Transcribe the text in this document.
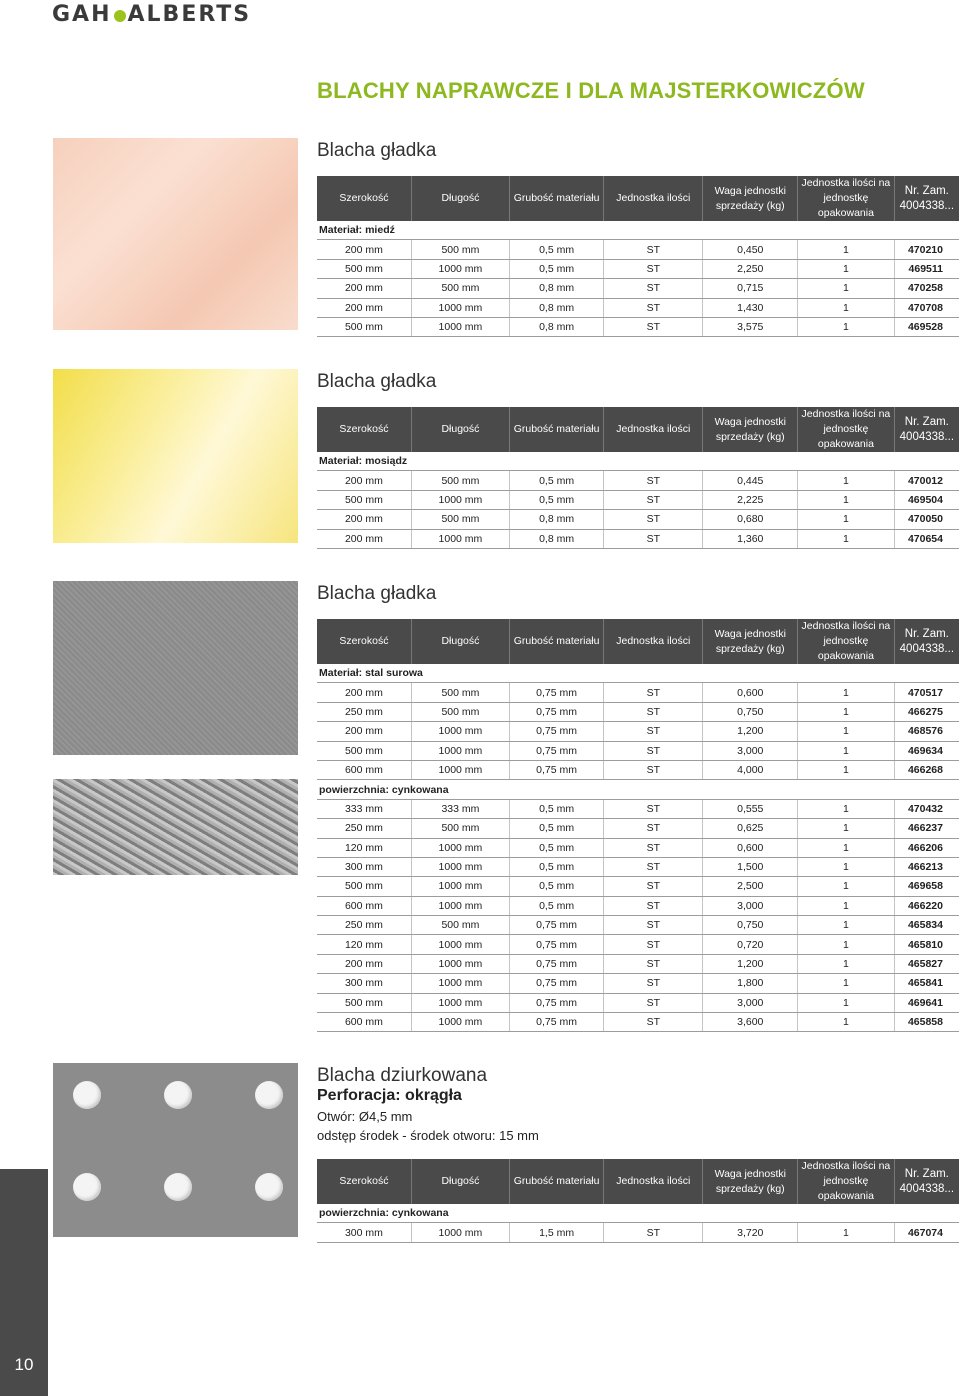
GAH ALBERTS
BLACHY NAPRAWCZE I DLA MAJSTERKOWICZÓW
Blacha gładka
Szerokość	Długość	Grubość materiału	Jednostka ilości	Waga jednostki sprzedaży (kg)	Jednostka ilości na jednostkę opakowania	Nr. Zam. 4004338...
Materiał: miedź						
200 mm	500 mm	0,5 mm	ST	0,450	1	470210
500 mm	1000 mm	0,5 mm	ST	2,250	1	469511
200 mm	500 mm	0,8 mm	ST	0,715	1	470258
200 mm	1000 mm	0,8 mm	ST	1,430	1	470708
500 mm	1000 mm	0,8 mm	ST	3,575	1	469528
Blacha gładka
Szerokość	Długość	Grubość materiału	Jednostka ilości	Waga jednostki sprzedaży (kg)	Jednostka ilości na jednostkę opakowania	Nr. Zam. 4004338...
Materiał: mosiądz						
200 mm	500 mm	0,5 mm	ST	0,445	1	470012
500 mm	1000 mm	0,5 mm	ST	2,225	1	469504
200 mm	500 mm	0,8 mm	ST	0,680	1	470050
200 mm	1000 mm	0,8 mm	ST	1,360	1	470654
Blacha gładka
Szerokość	Długość	Grubość materiału	Jednostka ilości	Waga jednostki sprzedaży (kg)	Jednostka ilości na jednostkę opakowania	Nr. Zam. 4004338...
Materiał: stal surowa						
200 mm	500 mm	0,75 mm	ST	0,600	1	470517
250 mm	500 mm	0,75 mm	ST	0,750	1	466275
200 mm	1000 mm	0,75 mm	ST	1,200	1	468576
500 mm	1000 mm	0,75 mm	ST	3,000	1	469634
600 mm	1000 mm	0,75 mm	ST	4,000	1	466268
powierzchnia: cynkowana						
333 mm	333 mm	0,5 mm	ST	0,555	1	470432
250 mm	500 mm	0,5 mm	ST	0,625	1	466237
120 mm	1000 mm	0,5 mm	ST	0,600	1	466206
300 mm	1000 mm	0,5 mm	ST	1,500	1	466213
500 mm	1000 mm	0,5 mm	ST	2,500	1	469658
600 mm	1000 mm	0,5 mm	ST	3,000	1	466220
250 mm	500 mm	0,75 mm	ST	0,750	1	465834
120 mm	1000 mm	0,75 mm	ST	0,720	1	465810
200 mm	1000 mm	0,75 mm	ST	1,200	1	465827
300 mm	1000 mm	0,75 mm	ST	1,800	1	465841
500 mm	1000 mm	0,75 mm	ST	3,000	1	469641
600 mm	1000 mm	0,75 mm	ST	3,600	1	465858
Blacha dziurkowana
Perforacja: okrągła
Otwór: Ø4,5 mm
odstęp środek - środek otworu: 15 mm
Szerokość	Długość	Grubość materiału	Jednostka ilości	Waga jednostki sprzedaży (kg)	Jednostka ilości na jednostkę opakowania	Nr. Zam. 4004338...
powierzchnia: cynkowana						
300 mm	1000 mm	1,5 mm	ST	3,720	1	467074
10
